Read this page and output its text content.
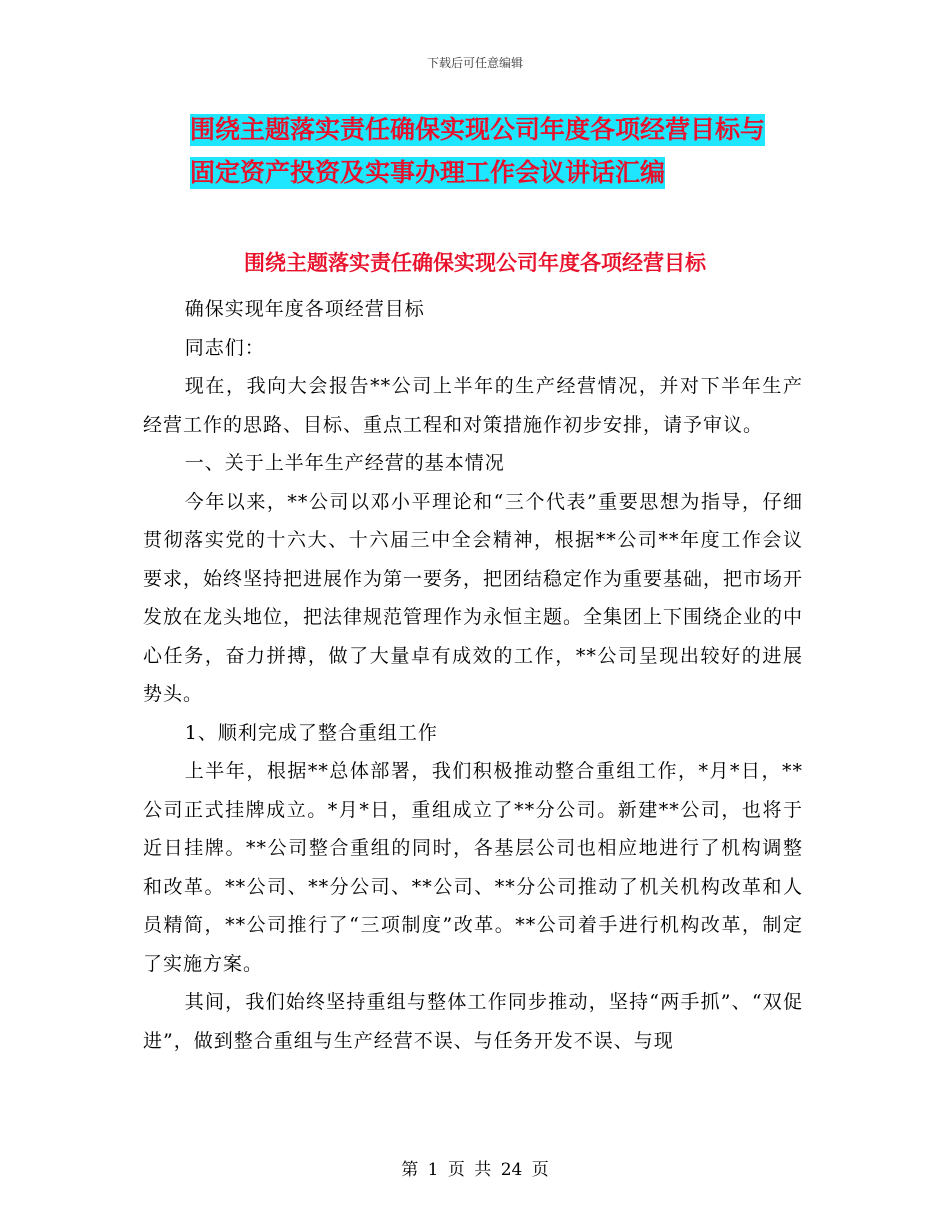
下载后可任意编辑
围绕主题落实责任确保实现公司年度各项经营目标与
固定资产投资及实事办理工作会议讲话汇编
围绕主题落实责任确保实现公司年度各项经营目标

确保实现年度各项经营目标

同志们：

现在，我向大会报告**公司上半年的生产经营情况，并对下半年生产经营工作的思路、目标、重点工程和对策措施作初步安排，请予审议。

一、关于上半年生产经营的基本情况

今年以来，**公司以邓小平理论和“三个代表”重要思想为指导，仔细贯彻落实党的十六大、十六届三中全会精神，根据**公司**年度工作会议要求，始终坚持把进展作为第一要务，把团结稳定作为重要基础，把市场开发放在龙头地位，把法律规范管理作为永恒主题。全集团上下围绕企业的中心任务，奋力拼搏，做了大量卓有成效的工作，**公司呈现出较好的进展势头。

1、顺利完成了整合重组工作

上半年，根据**总体部署，我们积极推动整合重组工作，*月*日，**公司正式挂牌成立。*月*日，重组成立了**分公司。新建**公司，也将于近日挂牌。**公司整合重组的同时，各基层公司也相应地进行了机构调整和改革。**公司、**分公司、**公司、**分公司推动了机关机构改革和人员精简，**公司推行了“三项制度”改革。**公司着手进行机构改革，制定了实施方案。

其间，我们始终坚持重组与整体工作同步推动，坚持“两手抓”、“双促进”，做到整合重组与生产经营不误、与任务开发不误、与现

第 1 页 共 24 页
